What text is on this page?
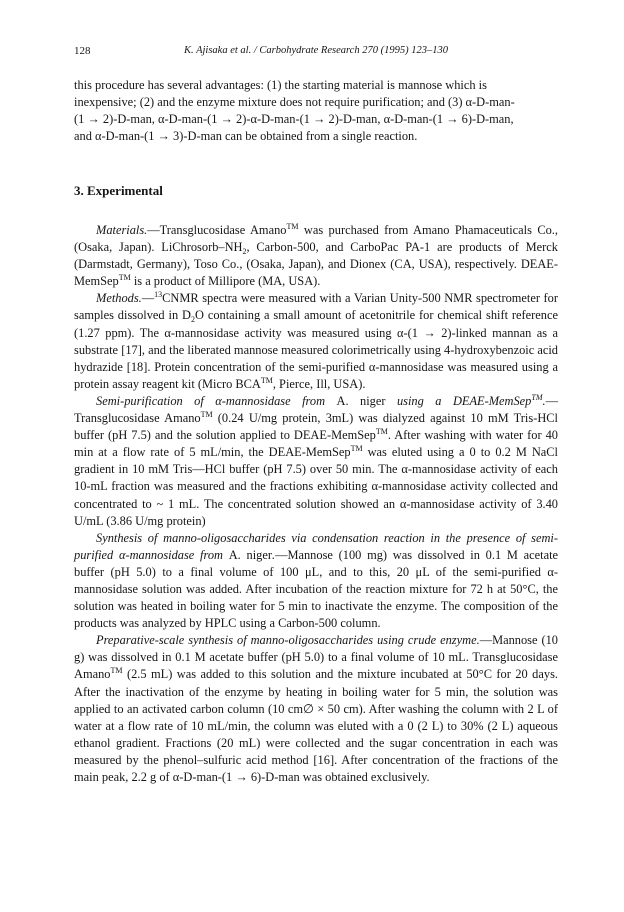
128	K. Ajisaka et al. / Carbohydrate Research 270 (1995) 123–130
this procedure has several advantages: (1) the starting material is mannose which is
inexpensive; (2) and the enzyme mixture does not require purification; and (3) α-D-man-
(1 → 2)-D-man, α-D-man-(1 → 2)-α-D-man-(1 → 2)-D-man, α-D-man-(1 → 6)-D-man,
and α-D-man-(1 → 3)-D-man can be obtained from a single reaction.
3. Experimental

Materials.—Transglucosidase Amano™ was purchased from Amano Phamaceuticals Co., (Osaka, Japan). LiChrosorb–$NH_2$, Carbon-500, and CarboPac PA-1 are products of Merck (Darmstadt, Germany), Toso Co., (Osaka, Japan), and Dionex (CA, USA), respectively. DEAE-MemSep™ is a product of Millipore (MA, USA).

Methods.—$^{13}$CNMR spectra were measured with a Varian Unity-500 NMR spectrometer for samples dissolved in $D_2O$ containing a small amount of acetonitrile for chemical shift reference (1.27 ppm). The α-mannosidase activity was measured using α-(1 → 2)-linked mannan as a substrate [17], and the liberated mannose measured colorimetrically using 4-hydroxybenzoic acid hydrazide [18]. Protein concentration of the semi-purified α-mannosidase was measured using a protein assay reagent kit (Micro BCA™, Pierce, Ill, USA).

Semi-purification of α-mannosidase from A. niger using a DEAE-MemSep™.—Transglucosidase Amano™ (0.24 U/mg protein, 3mL) was dialyzed against 10 mM Tris-HCl buffer (pH 7.5) and the solution applied to DEAE-MemSep™. After washing with water for 40 min at a flow rate of 5 mL/min, the DEAE-MemSep™ was eluted using a 0 to 0.2 M NaCl gradient in 10 mM Tris—HCl buffer (pH 7.5) over 50 min. The α-mannosidase activity of each 10-mL fraction was measured and the fractions exhibiting α-mannosidase activity collected and concentrated to ~ 1 mL. The concentrated solution showed an α-mannosidase activity of 3.40 U/mL (3.86 U/mg protein)

Synthesis of manno-oligosaccharides via condensation reaction in the presence of semi-purified α-mannosidase from A. niger.—Mannose (100 mg) was dissolved in 0.1 M acetate buffer (pH 5.0) to a final volume of 100 μL, and to this, 20 μL of the semi-purified α-mannosidase solution was added. After incubation of the reaction mixture for 72 h at 50°C, the solution was heated in boiling water for 5 min to inactivate the enzyme. The composition of the products was analyzed by HPLC using a Carbon-500 column.

Preparative-scale synthesis of manno-oligosaccharides using crude enzyme.—Mannose (10 g) was dissolved in 0.1 M acetate buffer (pH 5.0) to a final volume of 10 mL. Transglucosidase Amano™ (2.5 mL) was added to this solution and the mixture incubated at 50°C for 20 days. After the inactivation of the enzyme by heating in boiling water for 5 min, the solution was applied to an activated carbon column (10 cm∅ × 50 cm). After washing the column with 2 L of water at a flow rate of 10 mL/min, the column was eluted with a 0 (2 L) to 30% (2 L) aqueous ethanol gradient. Fractions (20 mL) were collected and the sugar concentration in each was measured by the phenol–sulfuric acid method [16]. After concentration of the fractions of the main peak, 2.2 g of α-D-man-(1 → 6)-D-man was obtained exclusively.
